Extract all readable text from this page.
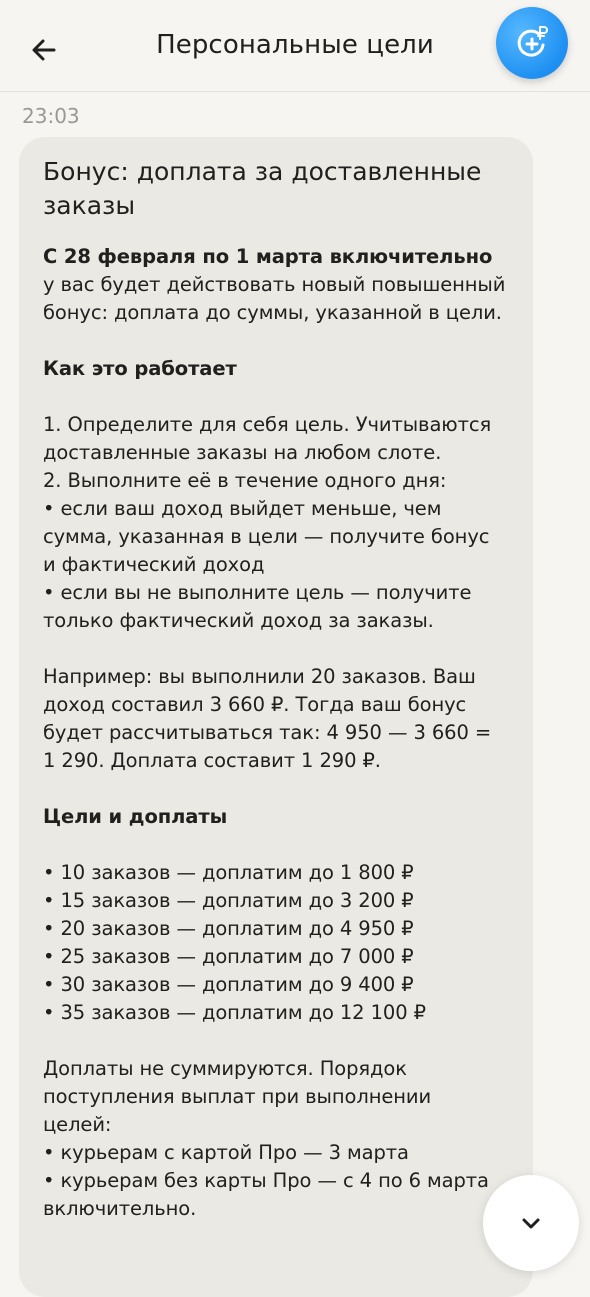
Персональные цели
23:03
Бонус: доплата за доставленные заказы
С 28 февраля по 1 марта включительно у вас будет действовать новый повышенный бонус: доплата до суммы, указанной в цели.
Как это работает
1. Определите для себя цель. Учитываются
доставленные заказы на любом слоте.
2. Выполните её в течение одного дня:
• если ваш доход выйдет меньше, чем
сумма, указанная в цели — получите бонус
и фактический доход
• если вы не выполните цель — получите
только фактический доход за заказы.
Например: вы выполнили 20 заказов. Ваш
доход составил 3 660 ₽. Тогда ваш бонус
будет рассчитываться так: 4 950 — 3 660 =
1 290. Доплата составит 1 290 ₽.
Цели и доплаты
• 10 заказов — доплатим до 1 800 ₽
• 15 заказов — доплатим до 3 200 ₽
• 20 заказов — доплатим до 4 950 ₽
• 25 заказов — доплатим до 7 000 ₽
• 30 заказов — доплатим до 9 400 ₽
• 35 заказов — доплатим до 12 100 ₽
Доплаты не суммируются. Порядок
поступления выплат при выполнении
целей:
• курьерам с картой Про — 3 марта
• курьерам без карты Про — с 4 по 6 марта
включительно.
